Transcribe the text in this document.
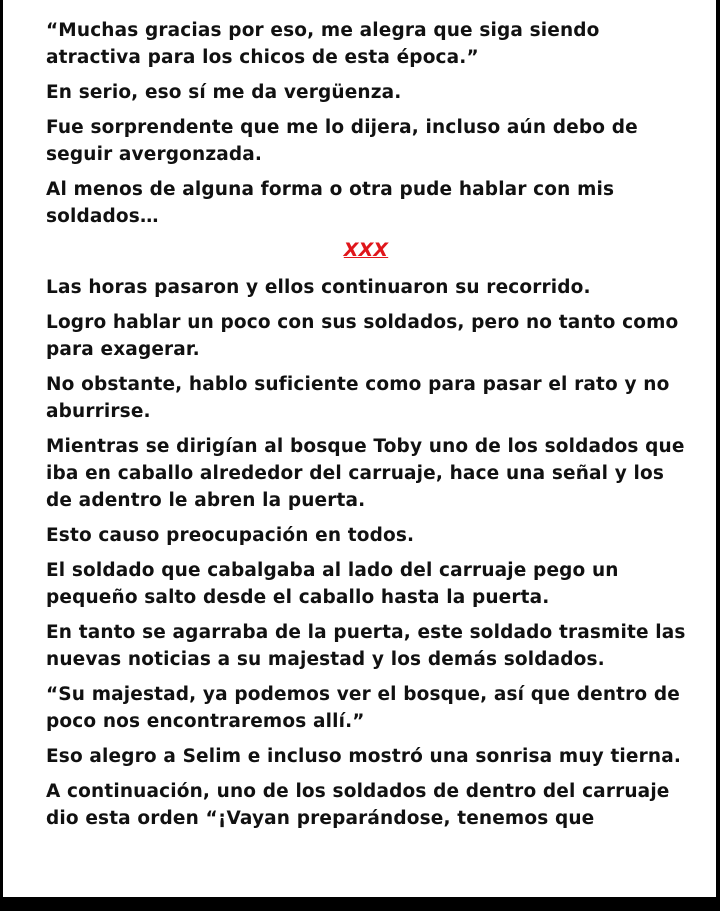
“Muchas gracias por eso, me alegra que siga siendo atractiva para los chicos de esta época.”

En serio, eso sí me da vergüenza.

Fue sorprendente que me lo dijera, incluso aún debo de seguir avergonzada.

Al menos de alguna forma o otra pude hablar con mis soldados…

XXX

Las horas pasaron y ellos continuaron su recorrido.

Logro hablar un poco con sus soldados, pero no tanto como para exagerar.

No obstante, hablo suficiente como para pasar el rato y no aburrirse.

Mientras se dirigían al bosque Toby uno de los soldados que iba en caballo alrededor del carruaje, hace una señal y los de adentro le abren la puerta.

Esto causo preocupación en todos.

El soldado que cabalgaba al lado del carruaje pego un pequeño salto desde el caballo hasta la puerta.

En tanto se agarraba de la puerta, este soldado trasmite las nuevas noticias a su majestad y los demás soldados.

“Su majestad, ya podemos ver el bosque, así que dentro de poco nos encontraremos allí.”

Eso alegro a Selim e incluso mostró una sonrisa muy tierna.

A continuación, uno de los soldados de dentro del carruaje dio esta orden “¡Vayan preparándose, tenemos que
